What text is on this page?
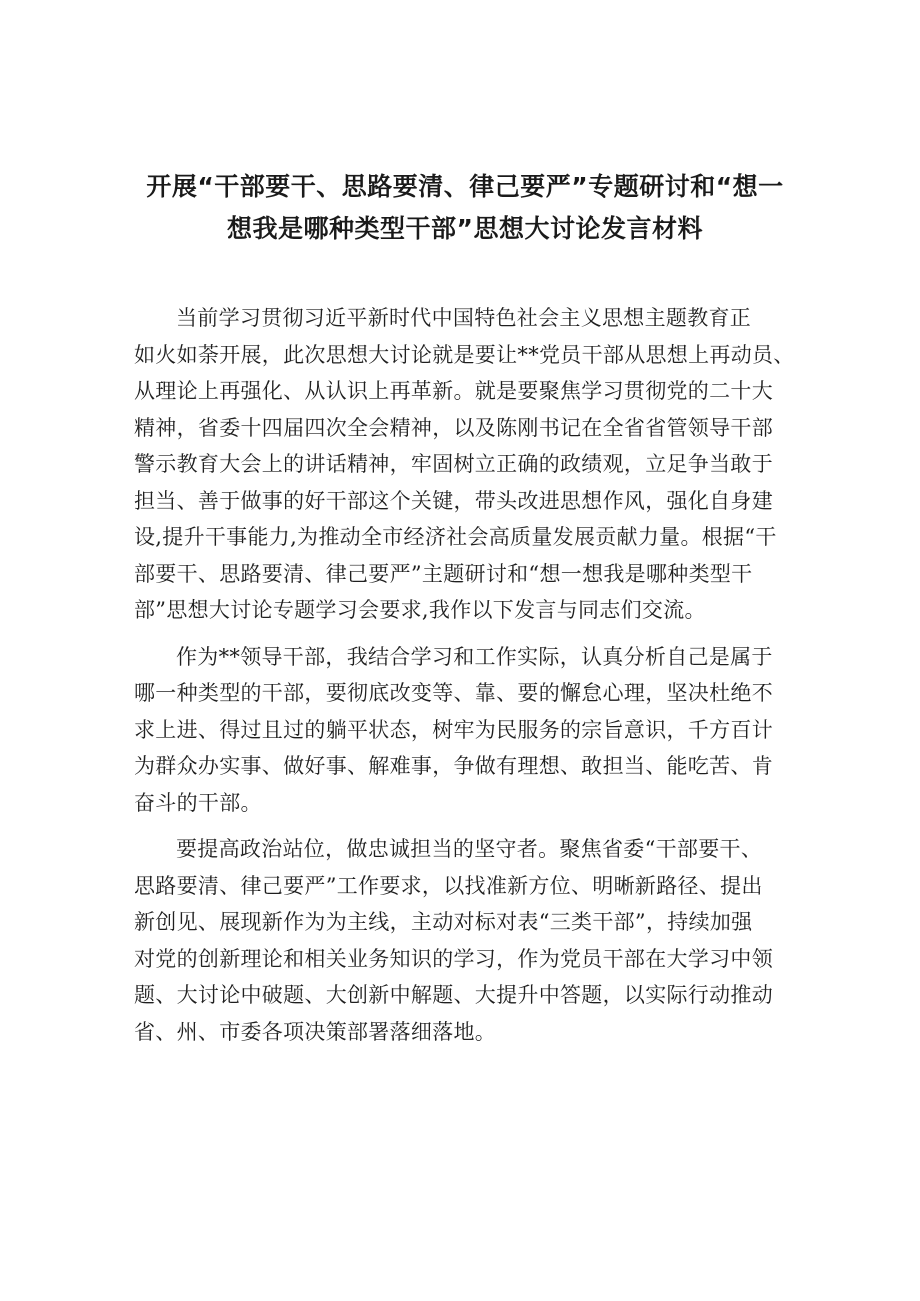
开展“干部要干、思路要清、律己要严”专题研讨和“想一
想我是哪种类型干部”思想大讨论发言材料
当前学习贯彻习近平新时代中国特色社会主义思想主题教育正
如火如荼开展，此次思想大讨论就是要让**党员干部从思想上再动员、
从理论上再强化、从认识上再革新。就是要聚焦学习贯彻党的二十大
精神，省委十四届四次全会精神，以及陈刚书记在全省省管领导干部
警示教育大会上的讲话精神，牢固树立正确的政绩观，立足争当敢于
担当、善于做事的好干部这个关键，带头改进思想作风，强化自身建
设,提升干事能力,为推动全市经济社会高质量发展贡献力量。根据“干
部要干、思路要清、律己要严”主题研讨和“想一想我是哪种类型干
部”思想大讨论专题学习会要求,我作以下发言与同志们交流。
作为**领导干部，我结合学习和工作实际，认真分析自己是属于
哪一种类型的干部，要彻底改变等、靠、要的懈怠心理，坚决杜绝不
求上进、得过且过的躺平状态，树牢为民服务的宗旨意识，千方百计
为群众办实事、做好事、解难事，争做有理想、敢担当、能吃苦、肯
奋斗的干部。
要提高政治站位，做忠诚担当的坚守者。聚焦省委“干部要干、
思路要清、律己要严”工作要求，以找准新方位、明晰新路径、提出
新创见、展现新作为为主线，主动对标对表“三类干部”，持续加强
对党的创新理论和相关业务知识的学习，作为党员干部在大学习中领
题、大讨论中破题、大创新中解题、大提升中答题，以实际行动推动
省、州、市委各项决策部署落细落地。
